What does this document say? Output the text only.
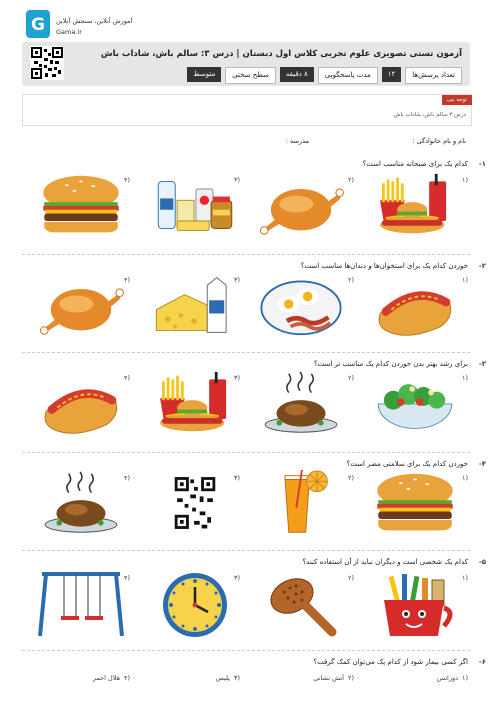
G آموزش آنلاین، سنجش آنلاین
Gama.ir
آزمون تستی تصویری علوم تجربی کلاس اول دبستان | درس ۳: سالم باش، شاداب باش
تعداد پرسش‌ها
۱۲
مدت پاسخگویی
۸ دقیقه
سطح سختی
متوسط
توجه بنی
درس ۳ سالم باش، شاداب باش
نام و نام خانوادگی :
مدرسه :
-۱
کدام یک برای صبحانه مناسب است؟
۱)
۲)
۳)
۴)
-۲
خوردن کدام یک برای استخوان‌ها و دندان‌ها مناسب است؟
۱)
۲)
۳)
۴)
-۳
برای رشد بهتر بدن خوردن کدام یک مناسب تر است؟
۱)
۲)
۳)
۴)
-۴
خوردن کدام یک برای سلامتی مضر است؟
۱)
۲)
۳)
۴)
-۵
کدام یک شخصی است و دیگران نباید از آن استفاده کنند؟
۱)
۲)
۳)
۴)
-۶
اگر کسی بیمار شود از کدام یک می‌توان کمک گرفت؟
۱)
دوزاسن
۲)
آتش نشانی
۳)
پلیس
۴)
هلال احمر
